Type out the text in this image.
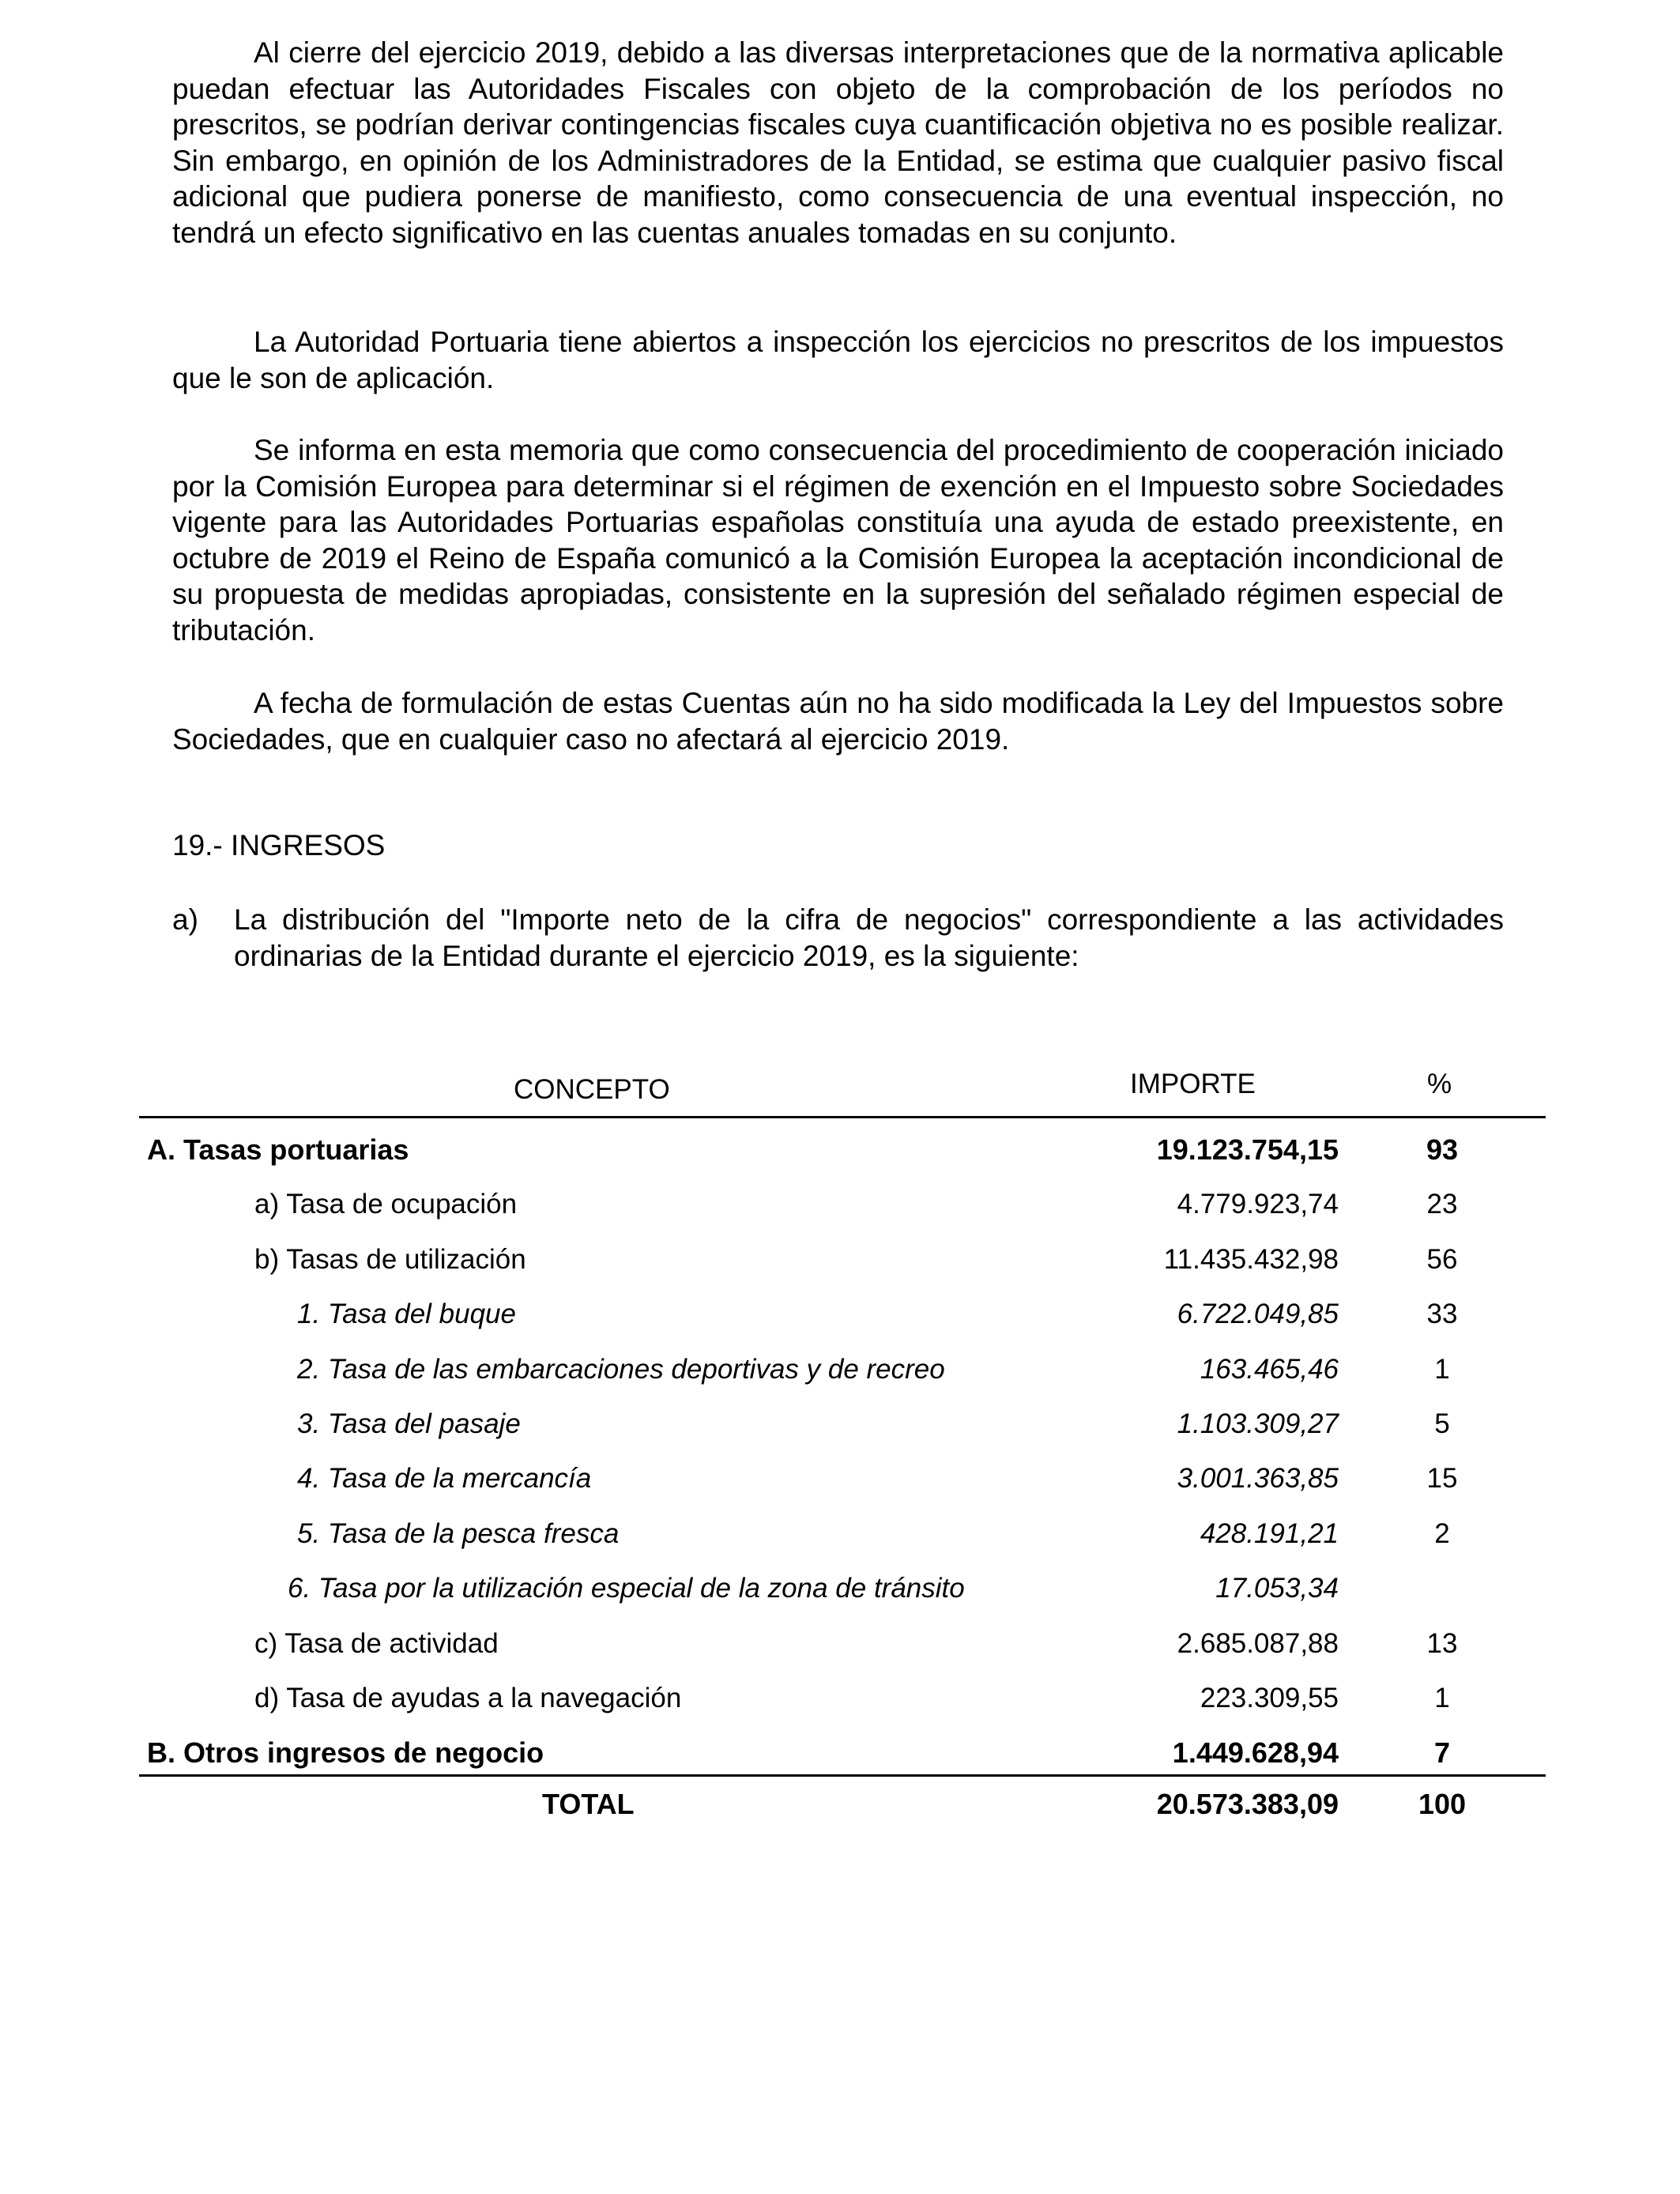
Al cierre del ejercicio 2019, debido a las diversas interpretaciones que de la normativa aplicable puedan efectuar las Autoridades Fiscales con objeto de la comprobación de los períodos no prescritos, se podrían derivar contingencias fiscales cuya cuantificación objetiva no es posible realizar. Sin embargo, en opinión de los Administradores de la Entidad, se estima que cualquier pasivo fiscal adicional que pudiera ponerse de manifiesto, como consecuencia de una eventual inspección, no tendrá un efecto significativo en las cuentas anuales tomadas en su conjunto.

La Autoridad Portuaria tiene abiertos a inspección los ejercicios no prescritos de los impuestos que le son de aplicación.

Se informa en esta memoria que como consecuencia del procedimiento de cooperación iniciado por la Comisión Europea para determinar si el régimen de exención en el Impuesto sobre Sociedades vigente para las Autoridades Portuarias españolas constituía una ayuda de estado preexistente, en octubre de 2019 el Reino de España comunicó a la Comisión Europea la aceptación incondicional de su propuesta de medidas apropiadas, consistente en la supresión del señalado régimen especial de tributación.

A fecha de formulación de estas Cuentas aún no ha sido modificada la Ley del Impuestos sobre Sociedades, que en cualquier caso no afectará al ejercicio 2019.

19.- INGRESOS

a) La distribución del "Importe neto de la cifra de negocios" correspondiente a las actividades ordinarias de la Entidad durante el ejercicio 2019, es la siguiente:

CONCEPTO	IMPORTE	%
A. Tasas portuarias	19.123.754,15	93
a) Tasa de ocupación	4.779.923,74	23
b) Tasas de utilización	11.435.432,98	56
1. Tasa del buque	6.722.049,85	33
2. Tasa de las embarcaciones deportivas y de recreo	163.465,46	1
3. Tasa del pasaje	1.103.309,27	5
4. Tasa de la mercancía	3.001.363,85	15
5. Tasa de la pesca fresca	428.191,21	2
6. Tasa por la utilización especial de la zona de tránsito	17.053,34
c) Tasa de actividad	2.685.087,88	13
d) Tasa de ayudas a la navegación	223.309,55	1
B. Otros ingresos de negocio	1.449.628,94	7
TOTAL	20.573.383,09	100
